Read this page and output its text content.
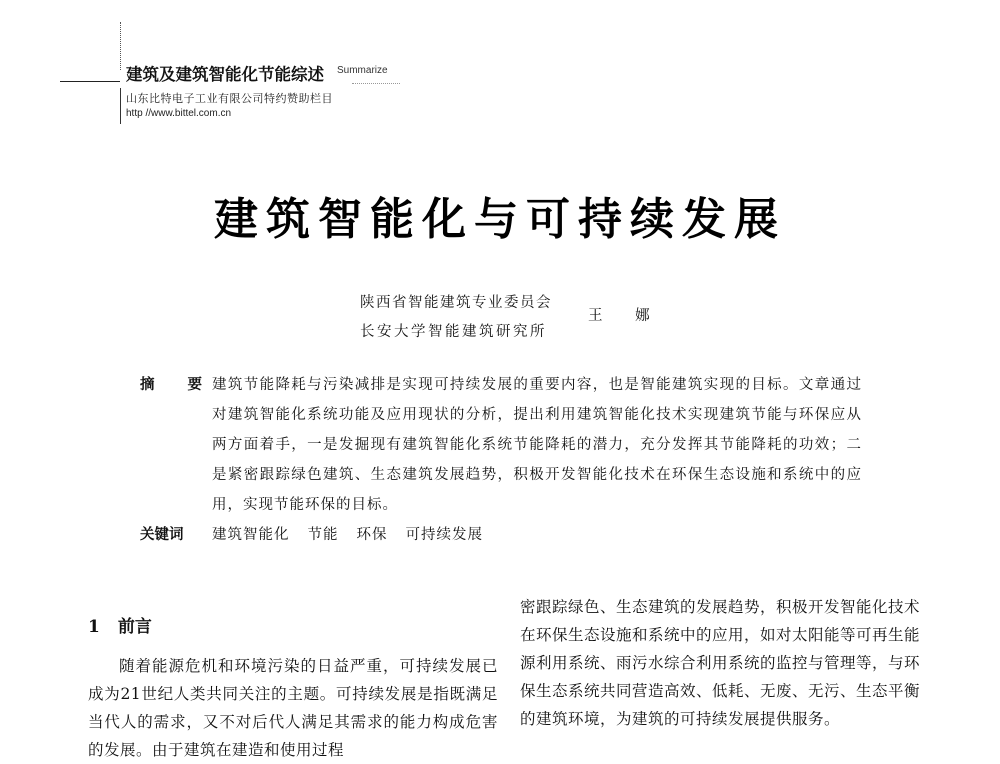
建筑及建筑智能化节能综述 Summarize
山东比特电子工业有限公司特约赞助栏目
http //www.bittel.com.cn
建筑智能化与可持续发展
陕西省智能建筑专业委员会
长安大学智能建筑研究所
王 娜
摘 要
建筑节能降耗与污染减排是实现可持续发展的重要内容，也是智能建筑实现的目标。文章通过对建筑智能化系统功能及应用现状的分析，提出利用建筑智能化技术实现建筑节能与环保应从两方面着手，一是发掘现有建筑智能化系统节能降耗的潜力，充分发挥其节能降耗的功效；二是紧密跟踪绿色建筑、生态建筑发展趋势，积极开发智能化技术在环保生态设施和系统中的应用，实现节能环保的目标。
关键词 建筑智能化 节能 环保 可持续发展
1 前言

随着能源危机和环境污染的日益严重，可持续发展已成为21世纪人类共同关注的主题。可持续发展是指既满足当代人的需求，又不对后代人满足其需求的能力构成危害的发展。由于建筑在建造和使用过程

密跟踪绿色、生态建筑的发展趋势，积极开发智能化技术在环保生态设施和系统中的应用，如对太阳能等可再生能源利用系统、雨污水综合利用系统的监控与管理等，与环保生态系统共同营造高效、低耗、无废、无污、生态平衡的建筑环境，为建筑的可持续发展提供服务。
